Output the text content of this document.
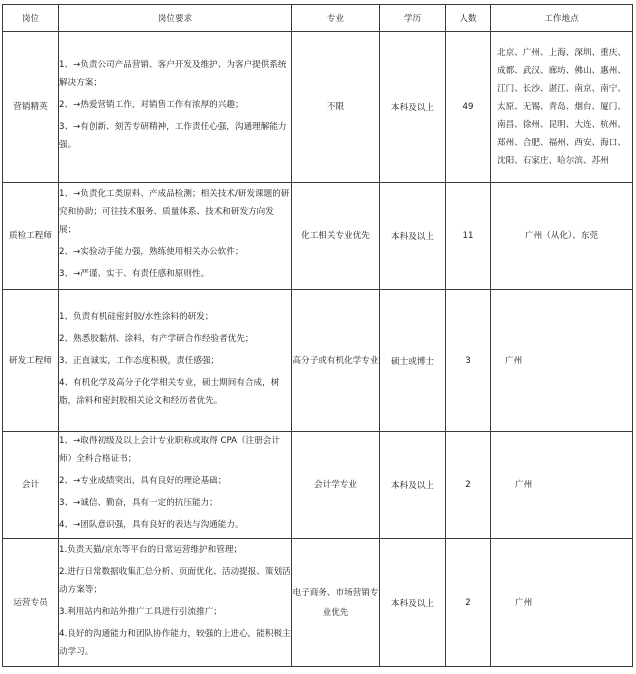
岗位	岗位要求	专业	学历	人数	工作地点
营销精英	1、→负责公司产品营销、客户开发及维护、为客户提供系统解决方案；

2、→热爱营销工作，对销售工作有浓厚的兴趣；

3、→有创新、刻苦专研精神，工作责任心强，沟通理解能力强。	不限	本科及以上	49	北京、广州、上海、深圳、重庆、成都、武汉、廊坊、佛山、惠州、江门、长沙、湛江、南京、南宁、太原、无锡、青岛、烟台、厦门、南昌、徐州、昆明、大连、杭州、郑州、合肥、福州、西安、海口、沈阳、石家庄、哈尔滨、苏州
质检工程师	1、→负责化工类原料、产成品检测；相关技术/研发课题的研究和协助；可往技术服务、质量体系、技术和研发方向发展；

2、→实验动手能力强，熟练使用相关办公软件；

3、→严谨、实干、有责任感和原则性。	化工相关专业优先	本科及以上	11	广州（从化）、东莞
研发工程师	1、负责有机硅密封胶/水性涂料的研发；

2、熟悉胶黏剂、涂料，有产学研合作经验者优先；

3、正直诚实，工作态度积极，责任感强；

4、有机化学及高分子化学相关专业，硕士期间有合成，树脂，涂料和密封胶相关论文和经历者优先。	高分子或有机化学专业	硕士或博士	3	广州
会计	1、→取得初级及以上会计专业职称或取得 CPA（注册会计师）全科合格证书；

2、→专业成绩突出，具有良好的理论基础；

3、→诚信、勤奋，具有一定的抗压能力；

4、→团队意识强，具有良好的表达与沟通能力。	会计学专业	本科及以上	2	广州
运营专员	1.负责天猫/京东等平台的日常运营维护和管理；

2.进行日常数据收集汇总分析、页面优化、活动提报、策划活动方案等；

3.利用站内和站外推广工具进行引流推广；

4.良好的沟通能力和团队协作能力，较强的上进心，能积极主动学习。	电子商务、市场营销专业优先	本科及以上	2	广州
